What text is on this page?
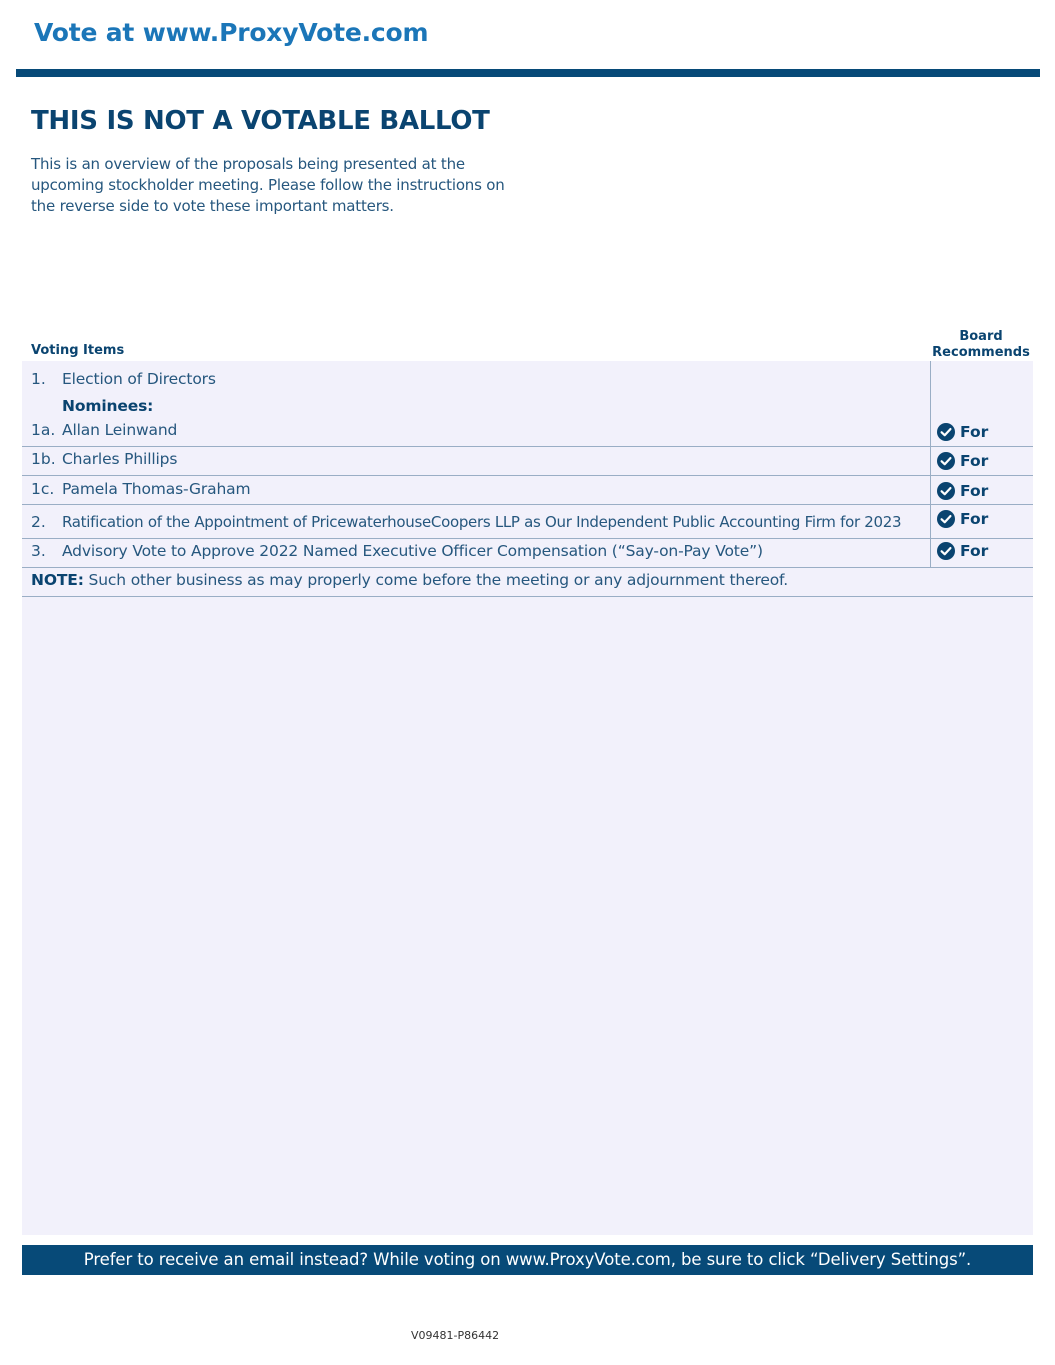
Vote at www.ProxyVote.com
THIS IS NOT A VOTABLE BALLOT
This is an overview of the proposals being presented at the upcoming stockholder meeting. Please follow the instructions on the reverse side to vote these important matters.
Voting Items
Board
Recommends
1. Election of Directors
Nominees:
1a. Allan Leinwand	For
1b. Charles Phillips	For
1c. Pamela Thomas-Graham	For
2. Ratification of the Appointment of PricewaterhouseCoopers LLP as Our Independent Public Accounting Firm for 2023	For
3. Advisory Vote to Approve 2022 Named Executive Officer Compensation (“Say-on-Pay Vote”)	For
NOTE: Such other business as may properly come before the meeting or any adjournment thereof.
Prefer to receive an email instead? While voting on www.ProxyVote.com, be sure to click “Delivery Settings”.
V09481-P86442
